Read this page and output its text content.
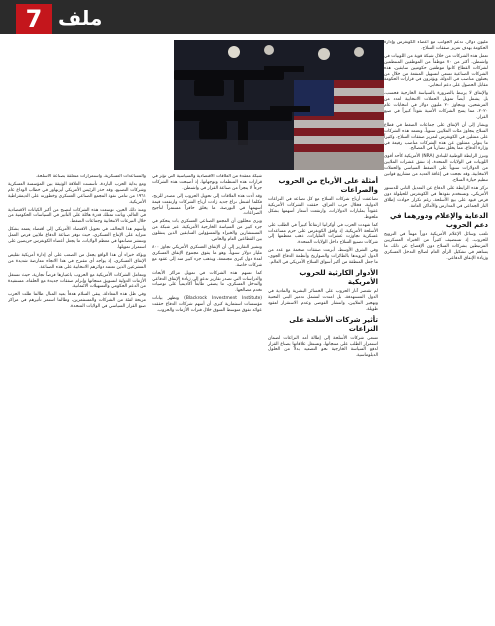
7 ملف

ملیون دولار، تدعم الجوانب مع أعضاء الكونغرس وإدارة الحكومة بهدف تعزيز صفقات السلاح.

تعمل هذه الشركات من خلال شبكة قوية من اللوبيات في واشنطن، أكثر من ٧٠ موظفاً من الموظفين المنتظمين لشركات القطاع كانوا موظفين حكوميين سابقين، هذه الشركات الصناعية تسعى لتسهيل المنفعة من خلال من يحتلون مناصب في الدولة، ويؤثرون في قرارات الحكومة مقابل الحصول على دعم انتخابي.

والإنفاق لا يرتبط بالضرورة بالسياسة الخارجية فحسب، بل يشمل أيضاً تمويل الحملات الانتخابية لعدد من المرشحين، ويتجاوز ٢٠ مليون دولار في انتخابات عام ٢٠٢٠، مما يمنح الشركات الأمنية نفوذاً كبيراً في صنع القرار.

ويشار إلى أن الإنفاق على جماعات الضغط في قطاع السلاح يتجاوز مئات الملايين سنوياً، وتعتمد هذه الشركات على ممثلين في الكونغرس لتمرير صفقات السلاح، وكثيراً ما يتولى ممثلون عن هذه الشركات مناصب رفيعة في وزارة الدفاع، مما يخلق تضارباً في المصالح.

وتبرز الرابطة الوطنية للبنادق (NRA) الأمريكية كأحد أقوى اللوبيات في الولايات المتحدة، إذ تنفق عشرات الملايين من الدولارات سنوياً على الضغط السياسي والحملات الانتخابية، وقد نجحت في إعاقة العديد من مشاريع قوانين تنظيم حيازة السلاح.

تركز هذه الرابطة على الدفاع عن التعديل الثاني للدستور الأمريكي، وتستخدم نفوذها في الكونغرس للحيلولة دون فرض قيود على بيع الأسلحة، رغم تكرار حوادث إطلاق النار الجماعي في المدارس والأماكن العامة.

الدعاية والإعلام ودورهما في دعم الحروب

تلعب وسائل الإعلام الأمريكية دوراً مهماً في الترويج للحروب، إذ تستضيف كثيراً من الخبراء العسكريين المرتبطين بشركات السلاح دون الإفصاح عن ذلك، ما يساهم في تشكيل الرأي العام لصالح التدخل العسكري وزيادة الإنفاق الدفاعي.

أمثلة على الأرباح من الحروب والصراعات

تضاعفت أرباح شركات السلاح مع كل تصاعد في النزاعات الدولية، فخلال حرب العراق، حققت الشركات الأمريكية عقوداً بمليارات الدولارات، وارتفعت أسعار أسهمها بشكل ملحوظ.

كما شهدت الحرب في أوكرانيا ارتفاعاً كبيراً في الطلب على الأسلحة الأمريكية، إذ وافق الكونغرس على حزم مساعدات عسكرية تجاوزت عشرات المليارات، ذهب معظمها إلى شركات تصنيع السلاح داخل الولايات المتحدة.

وفي الشرق الأوسط، أبرمت صفقات ضخمة مع عدد من الدول لتزويدها بالطائرات والصواريخ وأنظمة الدفاع الجوي، ما جعل المنطقة من أكبر أسواق السلاح الأمريكي في العالم.

الأدوار الكارثية للحروب الأمريكية

لم تقتصر آثار الحروب على الخسائر البشرية والمادية في الدول المستهدفة، بل امتدت لتشمل تدمير البنى التحتية وتهجير الملايين، وانتشار الفوضى وعدم الاستقرار لعقود طويلة.

تأثير شركات الأسلحة على النزاعات

تسعى شركات الأسلحة إلى إطالة أمد النزاعات لضمان استمرار الطلب على منتجاتها، وتستغل علاقاتها بصناع القرار لدفع السياسة الخارجية نحو التصعيد بدلاً من الحلول الدبلوماسية.

شبكة معقدة من العلاقات الاقتصادية والسياسية التي تؤثر في قرارات هذه المنظمات وتوجهاتها، إذ أصبحت هذه الشركات جزءاً لا يتجزأ من صناعة القرار في واشنطن.

وقد أدت هذه العلاقات إلى تحويل الحروب إلى مصدر للربح، فكلما اشتعل نزاع جديد زادت أرباح الشركات وارتفعت قيمة أسهمها في البورصة، ما يخلق حافزاً مستمراً لتأجيج الصراعات.

ويرى محللون أن المجمع الصناعي العسكري بات يتحكم في جزء كبير من السياسة الخارجية الأمريكية، عبر شبكة من المستشارين والخبراء والمسؤولين السابقين الذين يتنقلون بين القطاعين العام والخاص.

وتشير التقارير إلى أن الإنفاق العسكري الأمريكي تجاوز ٨٠٠ مليار دولار سنوياً، وهو ما يفوق مجموع الإنفاق العسكري لعدة دول كبرى مجتمعة، ويذهب جزء كبير منه إلى عقود مع شركات خاصة.

كما تسهم هذه الشركات في تمويل مراكز الأبحاث والدراسات التي تصدر تقارير تدعو إلى زيادة الإنفاق الدفاعي والتدخل العسكري، ما يضفي طابعاً أكاديمياً على توصيات تخدم مصالحها.

(Blackrock Investment Institute) وتظهر بيانات مؤسسات استثمارية كبرى أن أسهم شركات الدفاع حققت عوائد تفوق متوسط السوق خلال فترات الأزمات والحروب.

والمساعدات العسكرية، واستمرارات متعلقة بصناعة الأسلحة.

ومع بداية الحرب الباردة، تأسست العلاقة الوثيقة بين المؤسسة العسكرية وشركات التصنيع، وقد حذر الرئيس الأمريكي أيزنهاور في خطاب الوداع عام ١٩٦١ من تنامي نفوذ المجمع الصناعي العسكري وخطورته على الديمقراطية الأمريكية.

ومنذ ذلك الحين، توسعت هذه الشركات لتصبح من أكبر الكيانات الاقتصادية في العالم، وباتت تمتلك قدرة هائلة على التأثير في السياسات الحكومية من خلال التبرعات الانتخابية وجماعات الضغط.

وأسهم هذا التحالف في تحويل الاقتصاد الأمريكي إلى اقتصاد يعتمد بشكل متزايد على الإنتاج العسكري، حيث توفر صناعة الدفاع ملايين فرص العمل وتنتشر مصانعها في معظم الولايات، ما يجعل أعضاء الكونغرس حريصين على استمرار تمويلها.

ويؤكد خبراء أن هذا الواقع يجعل من الصعب على أي إدارة أمريكية تقليص الإنفاق العسكري، إذ يواجه أي مقترح في هذا الاتجاه معارضة شديدة من المشرعين الذين تعتمد دوائرهم الانتخابية على هذه الصناعة.

وتتعامل الشركات الأمريكية مع الحروب باعتبارها فرصاً تجارية، حيث تستغل الأزمات الدولية لتسويق منتجاتها وإبرام صفقات جديدة مع الحلفاء، مستفيدة من الدعم الحكومي والتسهيلات الائتمانية.

وفي ظل هذه المعادلة، يبقى السلام هدفاً بعيد المنال طالما ظلت الحرب مربحة لفئة من الشركات والمستثمرين، وطالما استمر تأثيرهم في مراكز صنع القرار السياسي في الولايات المتحدة.
